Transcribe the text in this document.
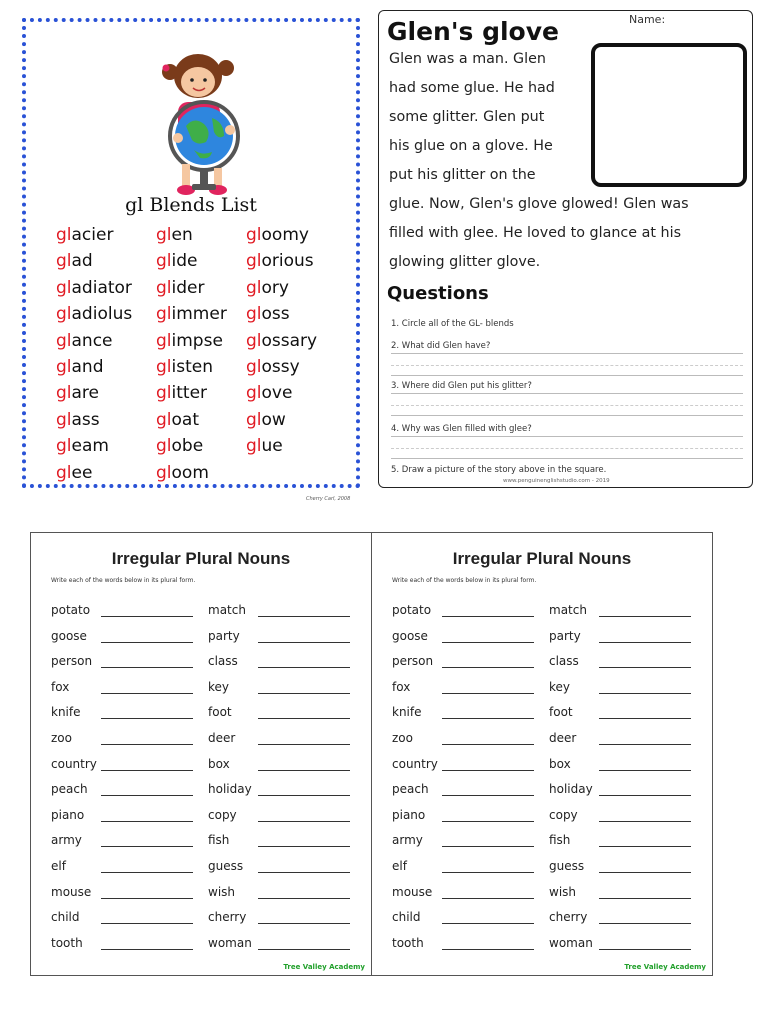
gl Blends List
glacier
glad
gladiator
gladiolus
glance
gland
glare
glass
gleam
glee
glen
glide
glider
glimmer
glimpse
glisten
glitter
gloat
globe
gloom
gloomy
glorious
glory
gloss
glossary
glossy
glove
glow
glue
Cherry Carl, 2008
Glen's glove	Name:
Glen was a man. Glen
had some glue. He had
some glitter. Glen put
his glue on a glove. He
put his glitter on the
glue. Now, Glen's glove glowed! Glen was
filled with glee. He loved to glance at his
glowing glitter glove.
Questions
1. Circle all of the GL- blends
2. What did Glen have?
3. Where did Glen put his glitter?
4. Why was Glen filled with glee?
5. Draw a picture of the story above in the square.
www.penguinenglishstudio.com - 2019
Irregular Plural Nouns
Write each of the words below in its plural form.
potato
goose
person
fox
knife
zoo
country
peach
piano
army
elf
mouse
child
tooth
match
party
class
key
foot
deer
box
holiday
copy
fish
guess
wish
cherry
woman
Tree Valley Academy
Irregular Plural Nouns
Write each of the words below in its plural form.
potato
goose
person
fox
knife
zoo
country
peach
piano
army
elf
mouse
child
tooth
match
party
class
key
foot
deer
box
holiday
copy
fish
guess
wish
cherry
woman
Tree Valley Academy
